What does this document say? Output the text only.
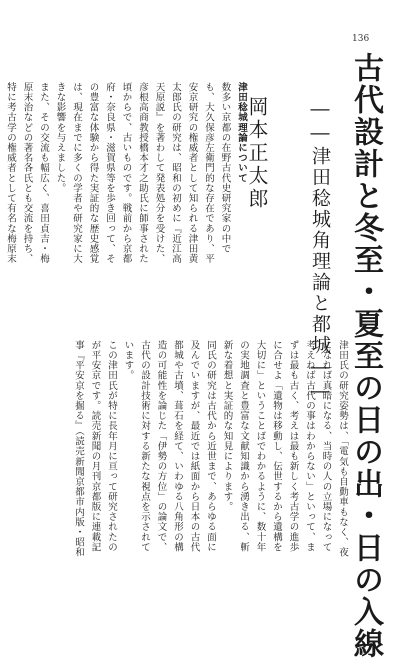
136
古代設計と冬至・夏至の日の出・日の入線
――津田稔城角理論と都城――
岡本正太郎
津田稔城理論について
数多い京都の在野古代史研究家の中でも、大久保彦左衛門的な存在であり、平安京研究の権威者として知られる津田黄太郎氏の研究は、昭和の初めに『近江高天原説』を著わして発表処分を受けた、彦根高商教授橋本才之助氏に師事された頃からで、古いものです。戦前から京都府・奈良県・滋賀県等を歩き回って、その豊富な体験から得た実証的な歴史感覚は、現在までに多くの学者や研究家に大きな影響を与えました。
また、その交流も幅広く、喜田貞吉・梅原末治などの著名各氏とも交流を持ち、特に考古学の権威者として有名な梅原末
津田氏の研究姿勢は、「電気も自動車もなく、夜になれば真暗になる、当時の人の立場になって考えねば古代の事はわからない」といって、まずは最も古く、考えは最も新しく考古学の進歩に合せよ「遺物は移動し、伝世するから遺構を大切に」ということばでわかるように、数十年の実地調査と豊富な文献知識から湧き出る、斬新な着想と実証的な知見によります。
同氏の研究は古代から近世まで、あらゆる面に及んでいますが、最近では紙面から日本の古代都城や古墳、葺石を経て、いわゆる八角形の構造の可能性を論じた「伊勢の方位」の論文で、古代の設計技術に対する新たな視点を示されています。
この津田氏が特に長年月に亘って研究されたのが平安京です。読売新聞の月刊京都版に連載記事『平安京を掘る』（読売新聞京都市内版・昭和
